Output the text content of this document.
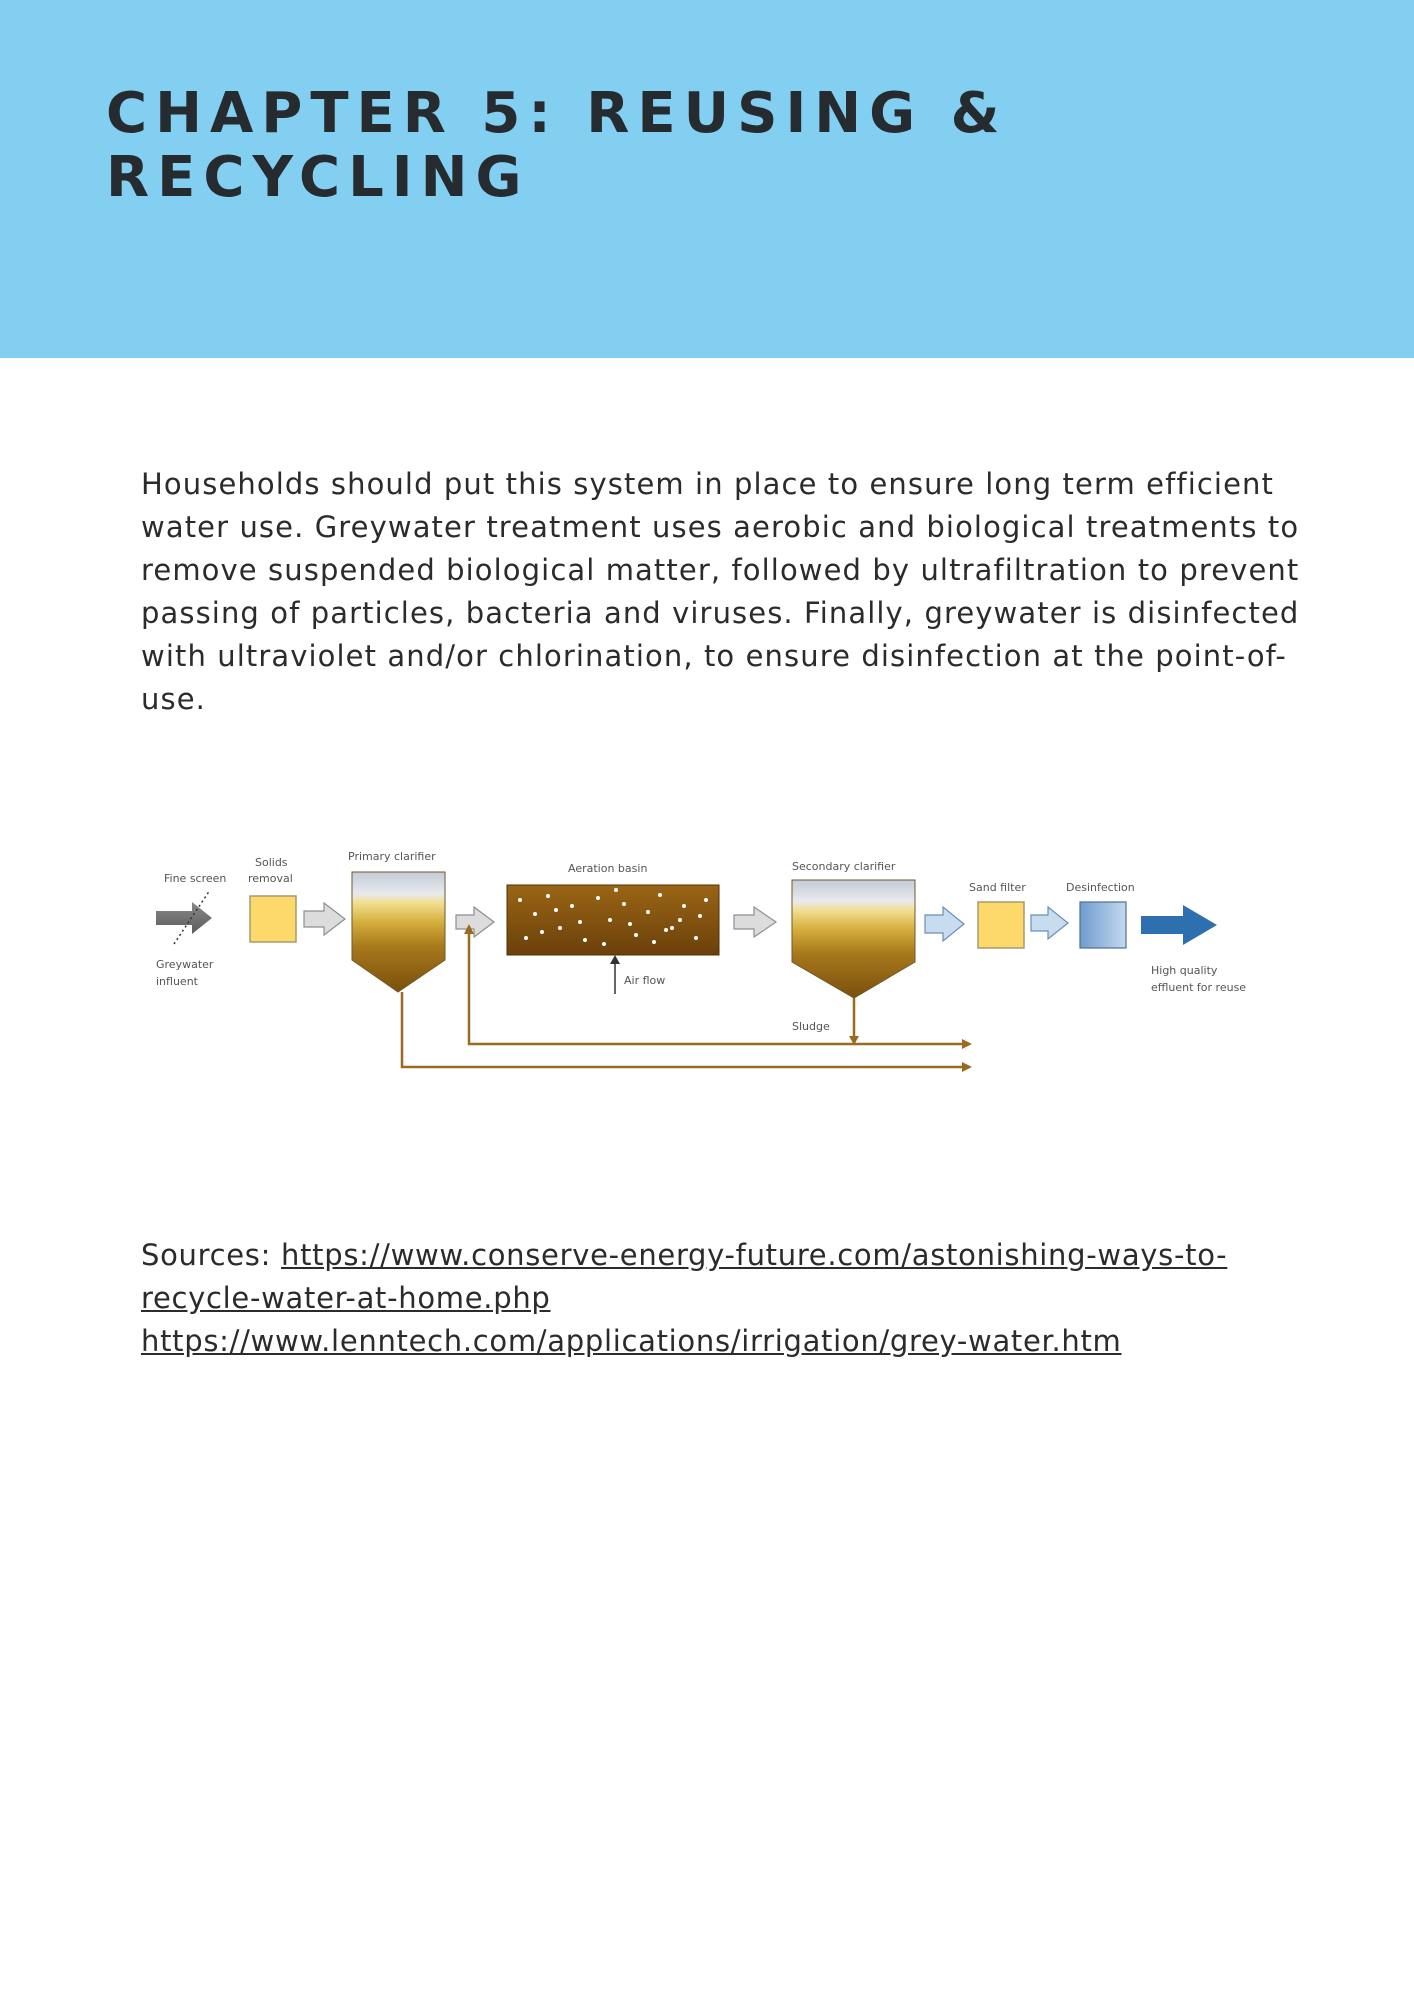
CHAPTER 5: REUSING &
RECYCLING

Households should put this system in place to ensure long term efficient water use. Greywater treatment uses aerobic and biological treatments to remove suspended biological matter, followed by ultrafiltration to prevent passing of particles, bacteria and viruses. Finally, greywater is disinfected with ultraviolet and/or chlorination, to ensure disinfection at the point-of-use.

Fine screen
Solids
removal
Primary clarifier
Aeration basin	Secondary clarifier
Sand filter	Desinfection
Air flow
Greywater
influent
High quality
effluent for reuse
Sludge
Sources: https://www.conserve-energy-future.com/astonishing-ways-to-
recycle-water-at-home.php
https://www.lenntech.com/applications/irrigation/grey-water.htm
